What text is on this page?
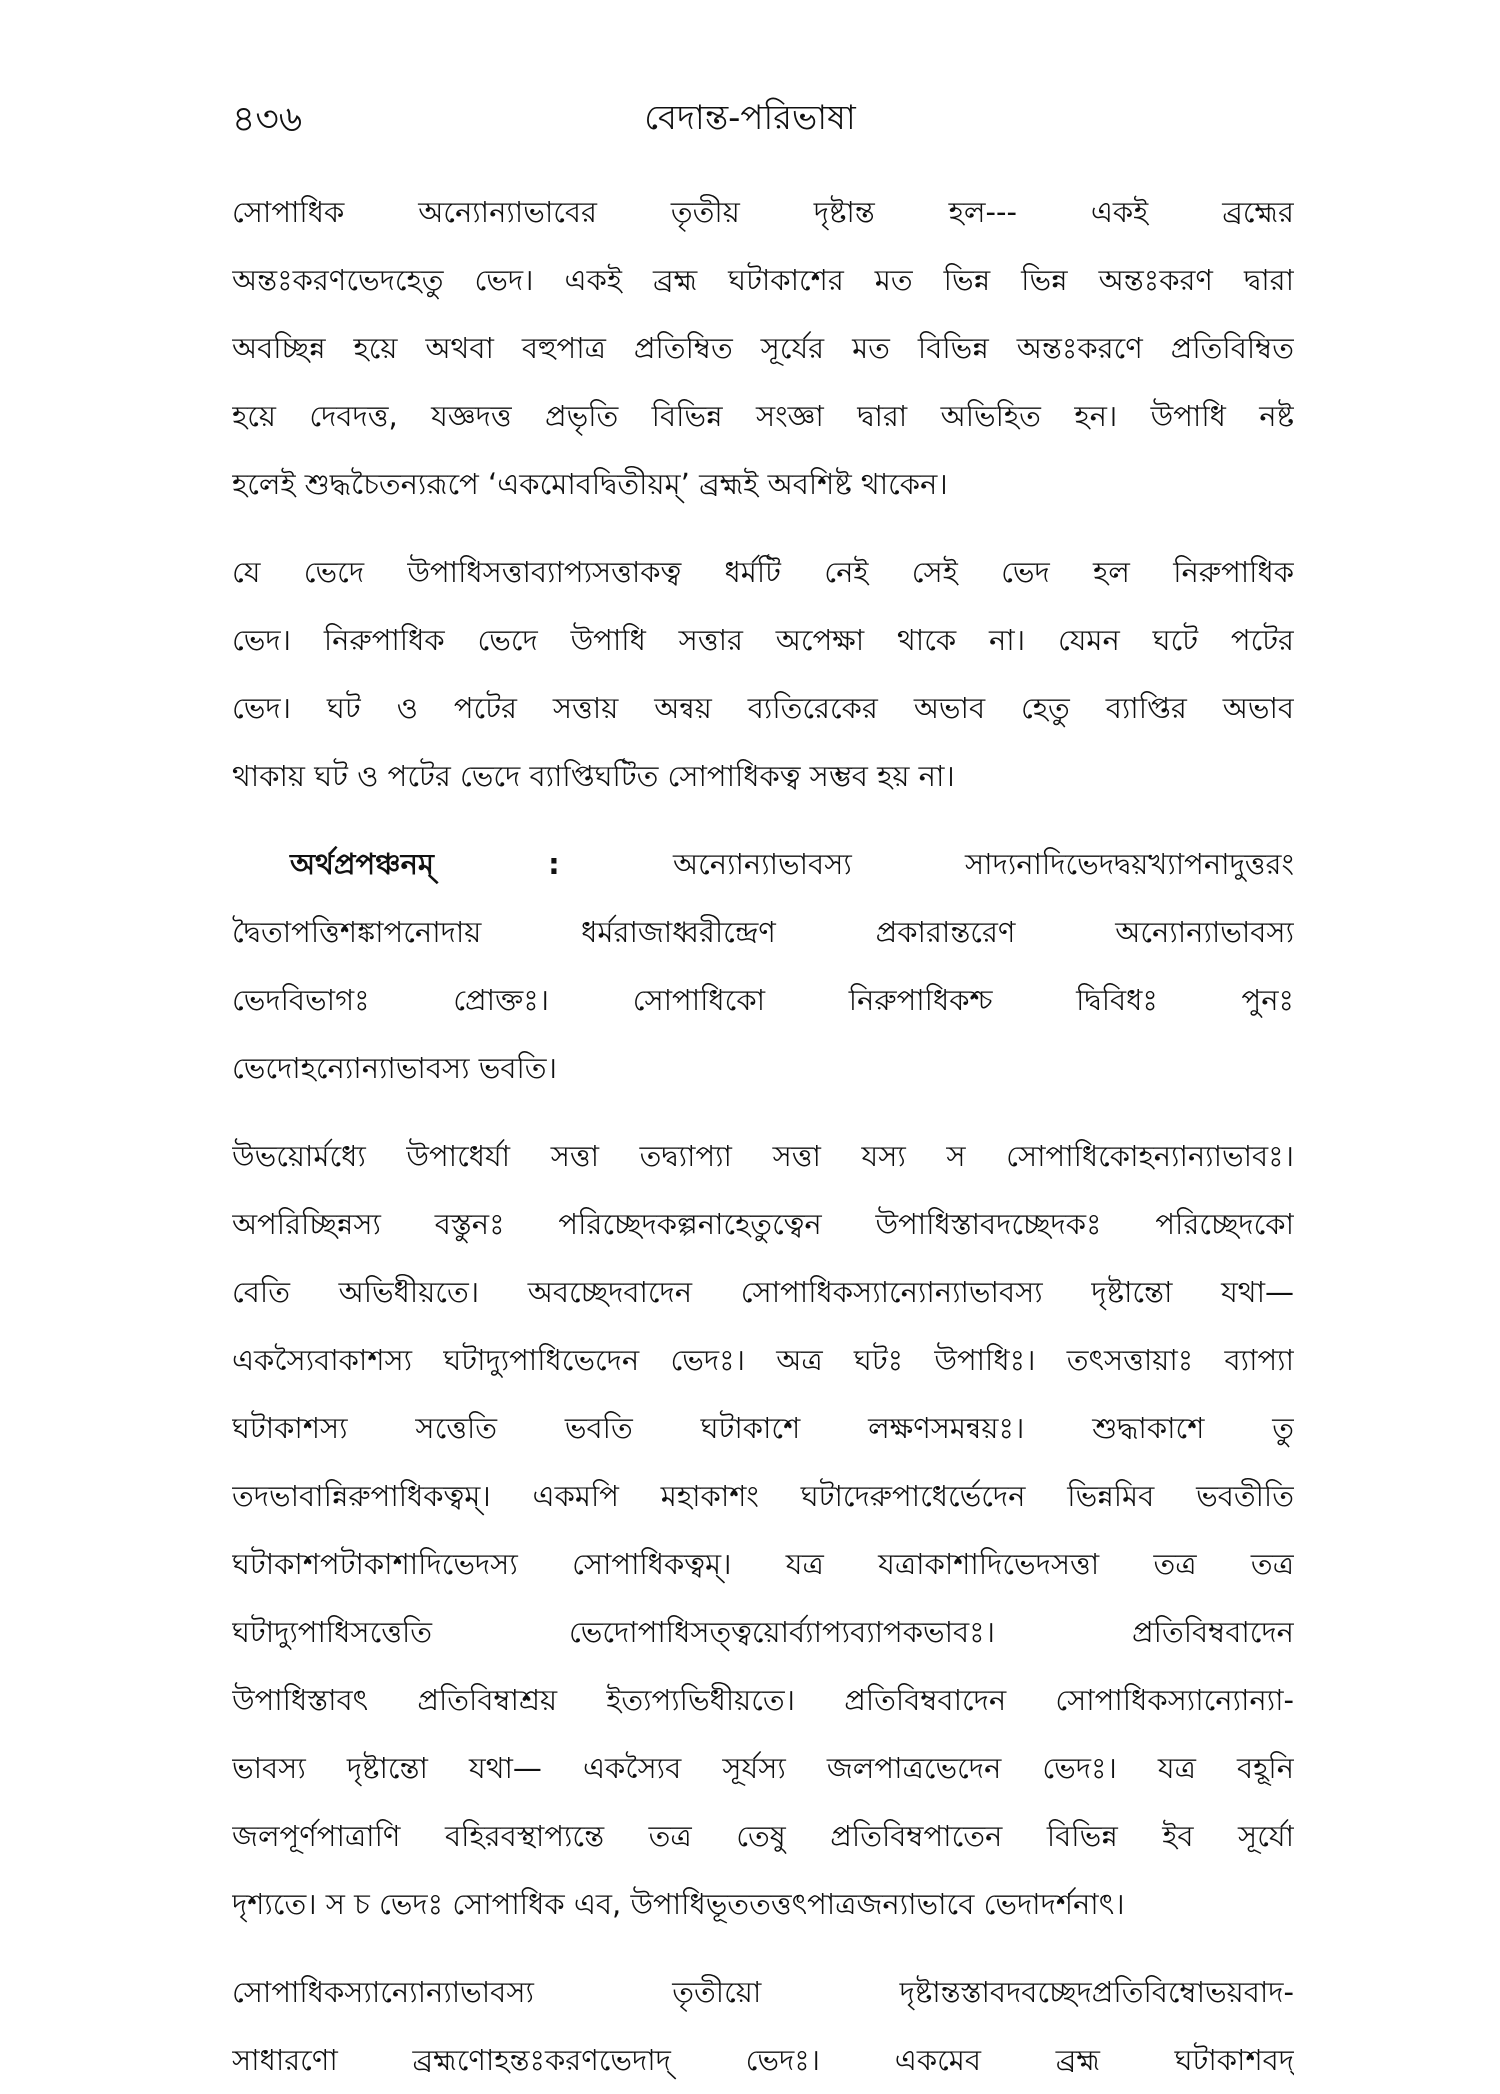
৪৩৬	বেদান্ত-পরিভাষা
সোপাধিক অন্যোন্যাভাবের তৃতীয় দৃষ্টান্ত হল--- একই ব্রহ্মের
অন্তঃকরণভেদহেতু ভেদ। একই ব্রহ্ম ঘটাকাশের মত ভিন্ন ভিন্ন অন্তঃকরণ দ্বারা
অবচ্ছিন্ন হয়ে অথবা বহুপাত্র প্রতিম্বিত সূর্যের মত বিভিন্ন অন্তঃকরণে প্রতিবিম্বিত
হয়ে দেবদত্ত, যজ্ঞদত্ত প্রভৃতি বিভিন্ন সংজ্ঞা দ্বারা অভিহিত হন। উপাধি নষ্ট
হলেই শুদ্ধচৈতন্যরূপে ‘একমোবদ্বিতীয়ম্’ ব্রহ্মই অবশিষ্ট থাকেন।
যে ভেদে উপাধিসত্তাব্যাপ্যসত্তাকত্ব ধর্মটি নেই সেই ভেদ হল নিরুপাধিক
ভেদ। নিরুপাধিক ভেদে উপাধি সত্তার অপেক্ষা থাকে না। যেমন ঘটে পটের
ভেদ। ঘট ও পটের সত্তায় অন্বয় ব্যতিরেকের অভাব হেতু ব্যাপ্তির অভাব
থাকায় ঘট ও পটের ভেদে ব্যাপ্তিঘটিত সোপাধিকত্ব সম্ভব হয় না।
  অর্থপ্রপঞ্চনম্ : অন্যোন্যাভাবস্য সাদ্যনাদিভেদদ্বয়খ্যাপনাদুত্তরং
দ্বৈতাপত্তিশঙ্কাপনোদায় ধর্মরাজাধ্বরীন্দ্রেণ প্রকারান্তরেণ অন্যোন্যাভাবস্য
ভেদবিভাগঃ প্রোক্তঃ। সোপাধিকো নিরুপাধিকশ্চ দ্বিবিধঃ পুনঃ
ভেদোহন্যোন্যাভাবস্য ভবতি।
উভয়োর্মধ্যে উপাধের্যা সত্তা তদ্ব্যাপ্যা সত্তা যস্য স সোপাধিকোহন্যান্যাভাবঃ।
অপরিচ্ছিন্নস্য বস্তুনঃ পরিচ্ছেদকল্পনাহেতুত্বেন উপাধিস্তাবদচ্ছেদকঃ পরিচ্ছেদকো
বেতি অভিধীয়তে। অবচ্ছেদবাদেন সোপাধিকস্যান্যোন্যাভাবস্য দৃষ্টান্তো যথা—
একস্যৈবাকাশস্য ঘটাদ্যুপাধিভেদেন ভেদঃ। অত্র ঘটঃ উপাধিঃ। তৎসত্তায়াঃ ব্যাপ্যা
ঘটাকাশস্য সত্তেতি ভবতি ঘটাকাশে লক্ষণসমন্বয়ঃ। শুদ্ধাকাশে তু
তদভাবান্নিরুপাধিকত্বম্। একমপি মহাকাশং ঘটাদেরুপাধের্ভেদেন ভিন্নমিব ভবতীতি
ঘটাকাশপটাকাশাদিভেদস্য সোপাধিকত্বম্। যত্র যত্রাকাশাদিভেদসত্তা তত্র তত্র
ঘটাদ্যুপাধিসত্তেতি ভেদোপাধিসত্ত্বয়োর্ব্যাপ্যব্যাপকভাবঃ। প্রতিবিম্ববাদেন
উপাধিস্তাবৎ প্রতিবিম্বাশ্রয় ইত্যপ্যভিধীয়তে। প্রতিবিম্ববাদেন সোপাধিকস্যান্যোন্যা-
ভাবস্য দৃষ্টান্তো যথা— একস্যৈব সূর্যস্য জলপাত্রভেদেন ভেদঃ। যত্র বহূনি
জলপূর্ণপাত্রাণি বহিরবস্থাপ্যন্তে তত্র তেষু প্রতিবিম্বপাতেন বিভিন্ন ইব সূর্যো
দৃশ্যতে। স চ ভেদঃ সোপাধিক এব, উপাধিভূততত্তৎপাত্রজন্যাভাবে ভেদাদর্শনাৎ।
সোপাধিকস্যান্যোন্যাভাবস্য তৃতীয়ো দৃষ্টান্তস্তাবদবচ্ছেদপ্রতিবিম্বোভয়বাদ-
সাধারণো ব্রহ্মণোহন্তঃকরণভেদাদ্ ভেদঃ। একমেব ব্রহ্ম ঘটাকাশবদ্
